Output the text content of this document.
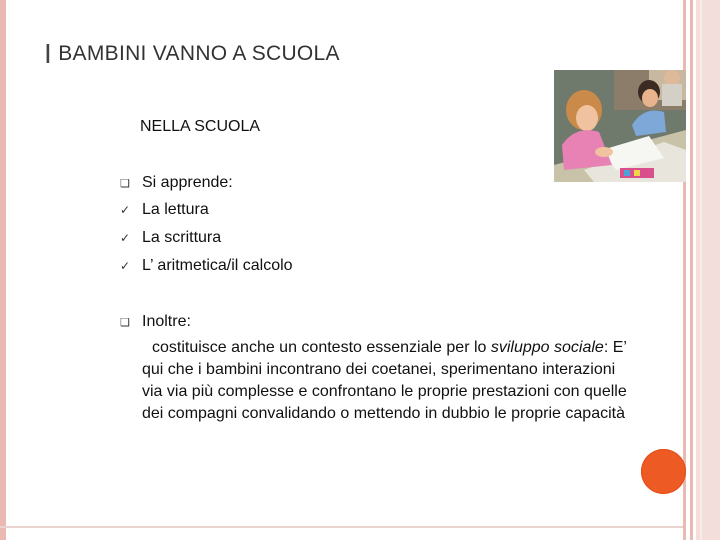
I BAMBINI VANNO A SCUOLA
NELLA SCUOLA
❑ Si apprende:
✓ La lettura
✓ La scrittura
✓ L’ aritmetica/il calcolo
❑ Inoltre:
costituisce anche un contesto essenziale per lo sviluppo sociale: E’
qui che i bambini incontrano dei coetanei, sperimentano interazioni
via via più complesse e confrontano le proprie prestazioni con quelle
dei compagni convalidando o mettendo in dubbio le proprie capacità
